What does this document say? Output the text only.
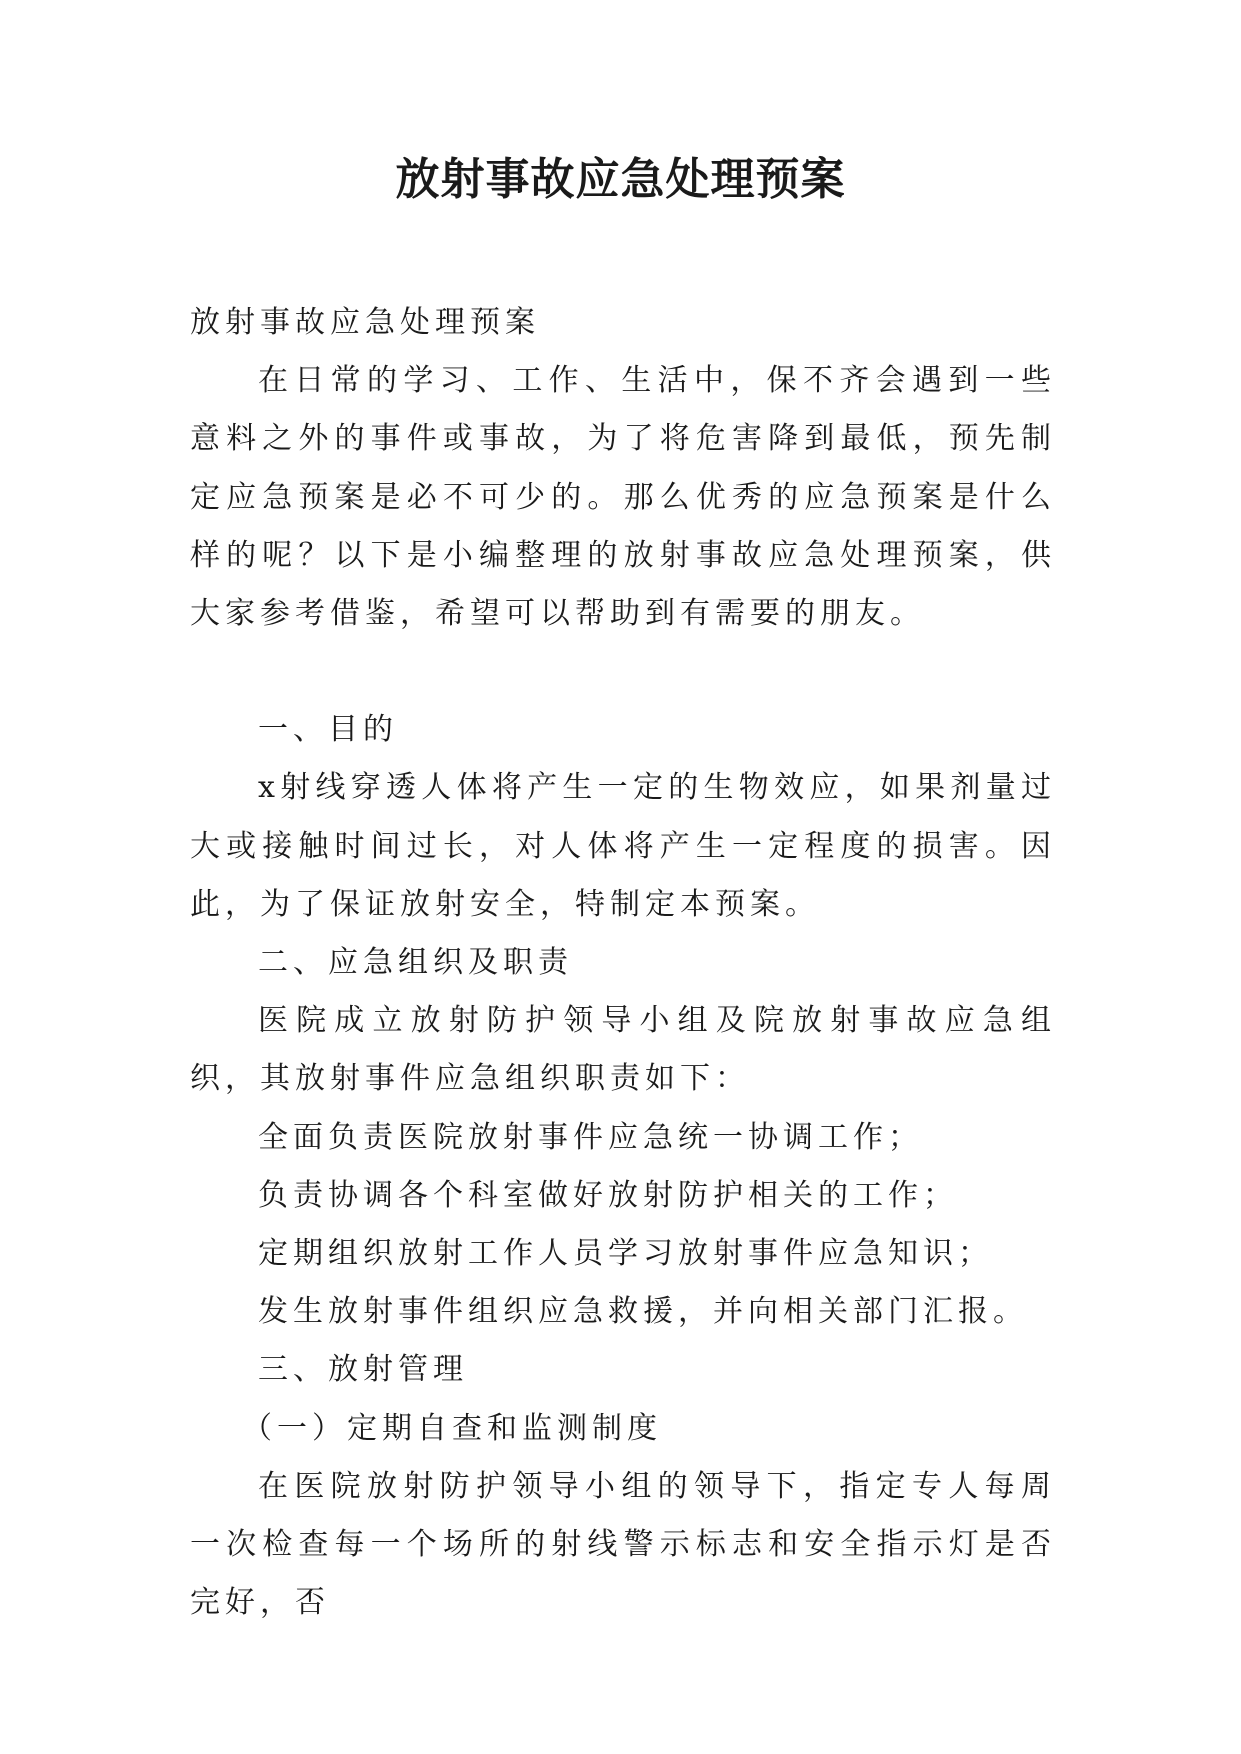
放射事故应急处理预案

放射事故应急处理预案

在日常的学习、工作、生活中，保不齐会遇到一些意料之外的事件或事故，为了将危害降到最低，预先制定应急预案是必不可少的。那么优秀的应急预案是什么样的呢？以下是小编整理的放射事故应急处理预案，供大家参考借鉴，希望可以帮助到有需要的朋友。

一、目的

x射线穿透人体将产生一定的生物效应，如果剂量过大或接触时间过长，对人体将产生一定程度的损害。因此，为了保证放射安全，特制定本预案。

二、应急组织及职责

医院成立放射防护领导小组及院放射事故应急组织，其放射事件应急组织职责如下：

全面负责医院放射事件应急统一协调工作；

负责协调各个科室做好放射防护相关的工作；

定期组织放射工作人员学习放射事件应急知识；

发生放射事件组织应急救援，并向相关部门汇报。

三、放射管理

（一）定期自查和监测制度

在医院放射防护领导小组的领导下，指定专人每周一次检查每一个场所的射线警示标志和安全指示灯是否完好，否
